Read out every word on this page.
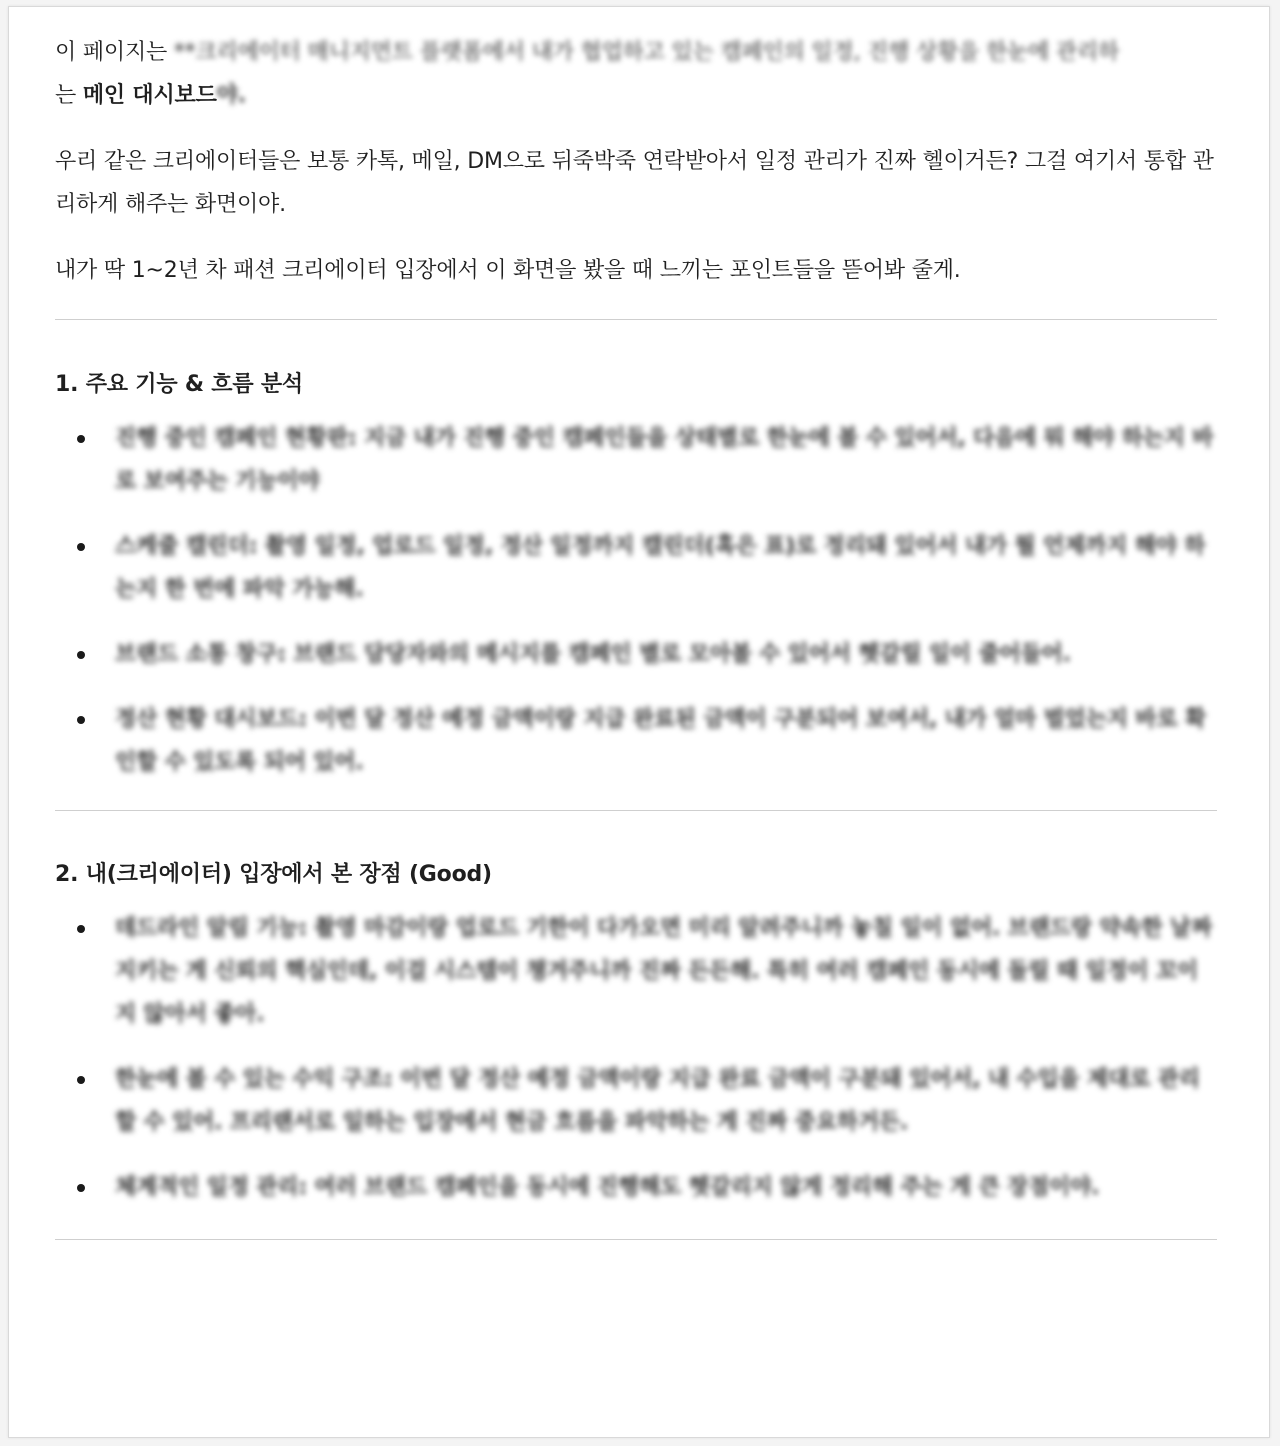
이 페이지는 **크리에이터 매니지먼트 플랫폼에서 내가 협업하고 있는 캠페인의 일정, 진행 상황을 한눈에 관리하
는 메인 대시보드야.

우리 같은 크리에이터들은 보통 카톡, 메일, DM으로 뒤죽박죽 연락받아서 일정 관리가 진짜 헬이거든? 그걸 여기서 통합 관리하게 해주는 화면이야.

내가 딱 1~2년 차 패션 크리에이터 입장에서 이 화면을 봤을 때 느끼는 포인트들을 뜯어봐 줄게.

1. 주요 기능 & 흐름 분석
진행 중인 캠페인 현황판: 지금 내가 진행 중인 캠페인들을 상태별로 한눈에 볼 수 있어서, 다음에 뭐 해야 하는지 바로 보여주는 기능이야
스케줄 캘린더: 촬영 일정, 업로드 일정, 정산 일정까지 캘린더(혹은 표)로 정리돼 있어서 내가 뭘 언제까지 해야 하는지 한 번에 파악 가능해.
브랜드 소통 창구: 브랜드 담당자와의 메시지를 캠페인 별로 모아볼 수 있어서 헷갈릴 일이 줄어들어.
정산 현황 대시보드: 이번 달 정산 예정 금액이랑 지급 완료된 금액이 구분되어 보여서, 내가 얼마 벌었는지 바로 확인할 수 있도록 되어 있어.
2. 내(크리에이터) 입장에서 본 장점 (Good)
데드라인 알림 기능: 촬영 마감이랑 업로드 기한이 다가오면 미리 알려주니까 놓칠 일이 없어. 브랜드랑 약속한 날짜 지키는 게 신뢰의 핵심인데, 이걸 시스템이 챙겨주니까 진짜 든든해. 특히 여러 캠페인 동시에 돌릴 때 일정이 꼬이지 않아서 좋아.
한눈에 볼 수 있는 수익 구조: 이번 달 정산 예정 금액이랑 지급 완료 금액이 구분돼 있어서, 내 수입을 제대로 관리할 수 있어. 프리랜서로 일하는 입장에서 현금 흐름을 파악하는 게 진짜 중요하거든.
체계적인 일정 관리: 여러 브랜드 캠페인을 동시에 진행해도 헷갈리지 않게 정리해 주는 게 큰 장점이야.
